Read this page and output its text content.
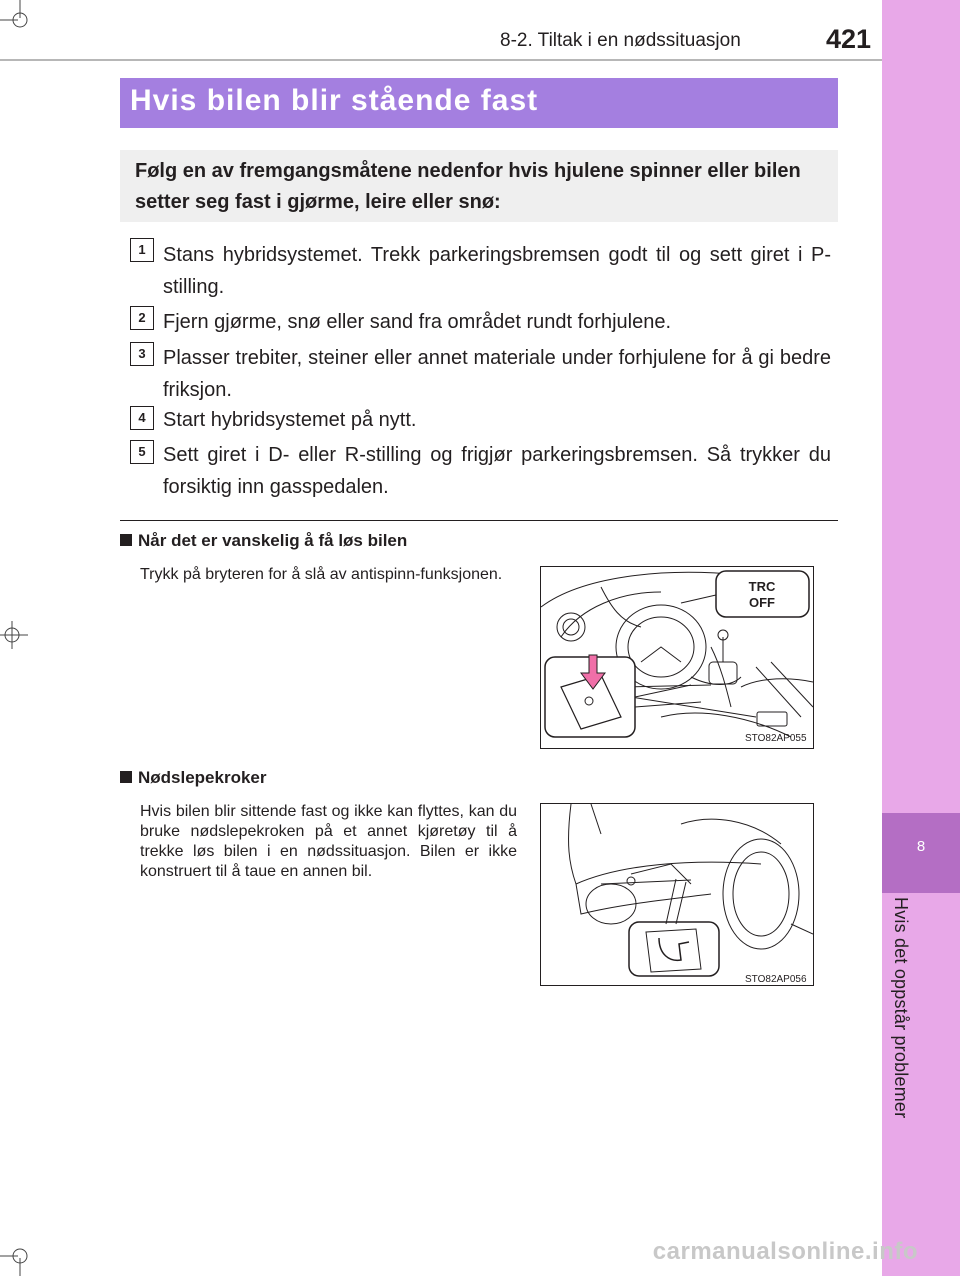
8
Hvis det oppstår problemer
8-2. Tiltak i en nødssituasjon	421
Hvis bilen blir stående fast
Følg en av fremgangsmåtene nedenfor hvis hjulene spinner eller bilen setter seg fast i gjørme, leire eller snø:
1 Stans hybridsystemet. Trekk parkeringsbremsen godt til og sett giret i P-stilling.
2 Fjern gjørme, snø eller sand fra området rundt forhjulene.
3 Plasser trebiter, steiner eller annet materiale under forhjulene for å gi bedre friksjon.
4 Start hybridsystemet på nytt.
5 Sett giret i D- eller R-stilling og frigjør parkeringsbremsen. Så trykker du forsiktig inn gasspedalen.
Når det er vanskelig å få løs bilen
Trykk på bryteren for å slå av antispinn-funksjonen.
TRC
OFF
STO82AP055
Nødslepekroker
Hvis bilen blir sittende fast og ikke kan flyttes, kan du bruke nødslepekroken på et annet kjøretøy til å trekke løs bilen i en nødssituasjon. Bilen er ikke konstruert til å taue en annen bil.
STO82AP056
carmanualsonline.info
